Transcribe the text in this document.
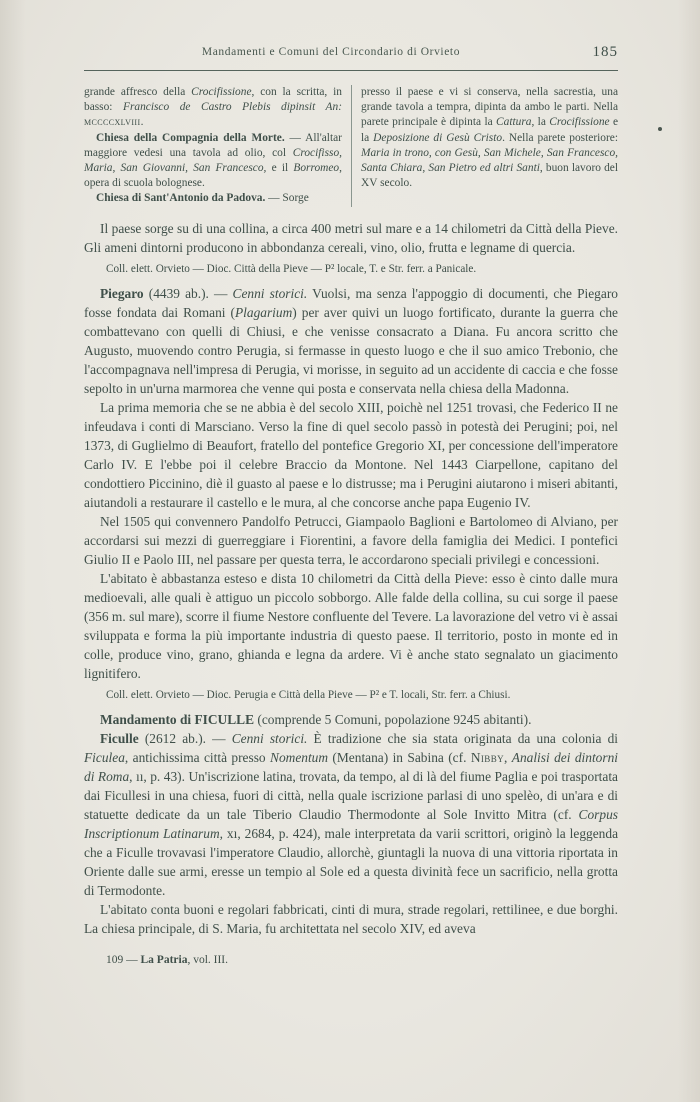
Mandamenti e Comuni del Circondario di Orvieto	185

grande affresco della Crocifissione, con la scritta, in basso: Francisco de Castro Plebis dipinsit An: mccccxlviii.

Chiesa della Compagnia della Morte. — All'altar maggiore vedesi una tavola ad olio, col Crocifisso, Maria, San Giovanni, San Francesco, e il Borromeo, opera di scuola bolognese.

Chiesa di Sant'Antonio da Padova. — Sorge

presso il paese e vi si conserva, nella sacrestia, una grande tavola a tempra, dipinta da ambo le parti. Nella parete principale è dipinta la Cattura, la Crocifissione e la Deposizione di Gesù Cristo. Nella parete posteriore: Maria in trono, con Gesù, San Michele, San Francesco, Santa Chiara, San Pietro ed altri Santi, buon lavoro del XV secolo.

Il paese sorge su di una collina, a circa 400 metri sul mare e a 14 chilometri da Città della Pieve. Gli ameni dintorni producono in abbondanza cereali, vino, olio, frutta e legname di quercia.

Coll. elett. Orvieto — Dioc. Città della Pieve — P² locale, T. e Str. ferr. a Panicale.

Piegaro (4439 ab.). — Cenni storici. Vuolsi, ma senza l'appoggio di documenti, che Piegaro fosse fondata dai Romani (Plagarium) per aver quivi un luogo fortificato, durante la guerra che combattevano con quelli di Chiusi, e che venisse consacrato a Diana. Fu ancora scritto che Augusto, muovendo contro Perugia, si fermasse in questo luogo e che il suo amico Trebonio, che l'accompagnava nell'impresa di Perugia, vi morisse, in seguito ad un accidente di caccia e che fosse sepolto in un'urna marmorea che venne qui posta e conservata nella chiesa della Madonna.

La prima memoria che se ne abbia è del secolo XIII, poichè nel 1251 trovasi, che Federico II ne infeudava i conti di Marsciano. Verso la fine di quel secolo passò in potestà dei Perugini; poi, nel 1373, di Guglielmo di Beaufort, fratello del pontefice Gregorio XI, per concessione dell'imperatore Carlo IV. E l'ebbe poi il celebre Braccio da Montone. Nel 1443 Ciarpellone, capitano del condottiero Piccinino, diè il guasto al paese e lo distrusse; ma i Perugini aiutarono i miseri abitanti, aiutandoli a restaurare il castello e le mura, al che concorse anche papa Eugenio IV.

Nel 1505 qui convennero Pandolfo Petrucci, Giampaolo Baglioni e Bartolomeo di Alviano, per accordarsi sui mezzi di guerreggiare i Fiorentini, a favore della famiglia dei Medici. I pontefici Giulio II e Paolo III, nel passare per questa terra, le accordarono speciali privilegi e concessioni.

L'abitato è abbastanza esteso e dista 10 chilometri da Città della Pieve: esso è cinto dalle mura medioevali, alle quali è attiguo un piccolo sobborgo. Alle falde della collina, su cui sorge il paese (356 m. sul mare), scorre il fiume Nestore confluente del Tevere. La lavorazione del vetro vi è assai sviluppata e forma la più importante industria di questo paese. Il territorio, posto in monte ed in colle, produce vino, grano, ghianda e legna da ardere. Vi è anche stato segnalato un giacimento lignitifero.

Coll. elett. Orvieto — Dioc. Perugia e Città della Pieve — P² e T. locali, Str. ferr. a Chiusi.

Mandamento di FICULLE (comprende 5 Comuni, popolazione 9245 abitanti).

Ficulle (2612 ab.). — Cenni storici. È tradizione che sia stata originata da una colonia di Ficulea, antichissima città presso Nomentum (Mentana) in Sabina (cf. Nibby, Analisi dei dintorni di Roma, ıı, p. 43). Un'iscrizione latina, trovata, da tempo, al di là del fiume Paglia e poi trasportata dai Ficullesi in una chiesa, fuori di città, nella quale iscrizione parlasi di uno spelèo, di un'ara e di statuette dedicate da un tale Tiberio Claudio Thermodonte al Sole Invitto Mitra (cf. Corpus Inscriptionum Latinarum, xı, 2684, p. 424), male interpretata da varii scrittori, originò la leggenda che a Ficulle trovavasi l'imperatore Claudio, allorchè, giuntagli la nuova di una vittoria riportata in Oriente dalle sue armi, eresse un tempio al Sole ed a questa divinità fece un sacrificio, nella grotta di Termodonte.

L'abitato conta buoni e regolari fabbricati, cinti di mura, strade regolari, rettilinee, e due borghi. La chiesa principale, di S. Maria, fu architettata nel secolo XIV, ed aveva

109 — La Patria, vol. III.
